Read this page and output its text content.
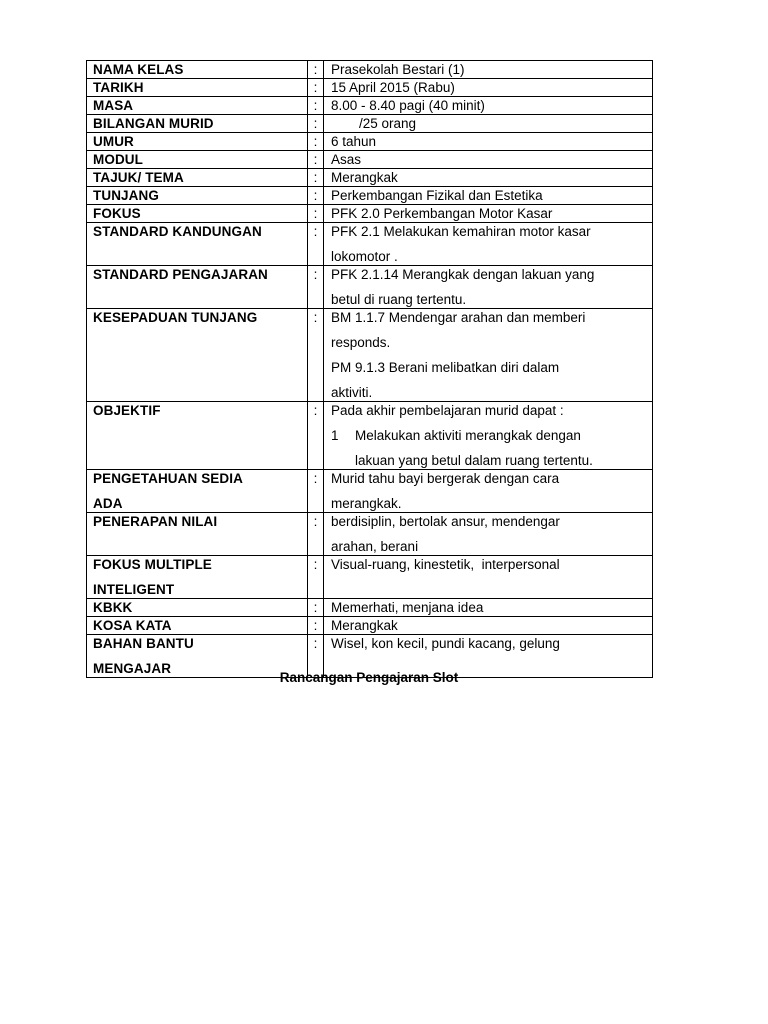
NAMA KELAS	:	Prasekolah Bestari (1)
TARIKH	:	15 April 2015 (Rabu)
MASA	:	8.00 - 8.40 pagi (40 minit)
BILANGAN MURID	:	/25 orang
UMUR	:	6 tahun
MODUL	:	Asas
TAJUK/ TEMA	:	Merangkak
TUNJANG	:	Perkembangan Fizikal dan Estetika
FOKUS	:	PFK 2.0 Perkembangan Motor Kasar
STANDARD KANDUNGAN	:	PFK 2.1 Melakukan kemahiran motor kasar
lokomotor .

STANDARD PENGAJARAN	:	PFK 2.1.14 Merangkak dengan lakuan yang
betul di ruang tertentu.

KESEPADUAN TUNJANG	:	BM 1.1.7 Mendengar arahan dan memberi
responds.
PM 9.1.3 Berani melibatkan diri dalam
aktiviti.

OBJEKTIF	:	Pada akhir pembelajaran murid dapat :
1 Melakukan aktiviti merangkak dengan
lakuan yang betul dalam ruang tertentu.

PENGETAHUAN SEDIA
ADA	:	Murid tahu bayi bergerak dengan cara
merangkak.

PENERAPAN NILAI	:	berdisiplin, bertolak ansur, mendengar
arahan, berani

FOKUS MULTIPLE
INTELIGENT	:	Visual-ruang, kinestetik,  interpersonal
KBKK	:	Memerhati, menjana idea
KOSA KATA	:	Merangkak

BAHAN BANTU
MENGAJAR	:	Wisel, kon kecil, pundi kacang, gelung
Rancangan Pengajaran Slot
